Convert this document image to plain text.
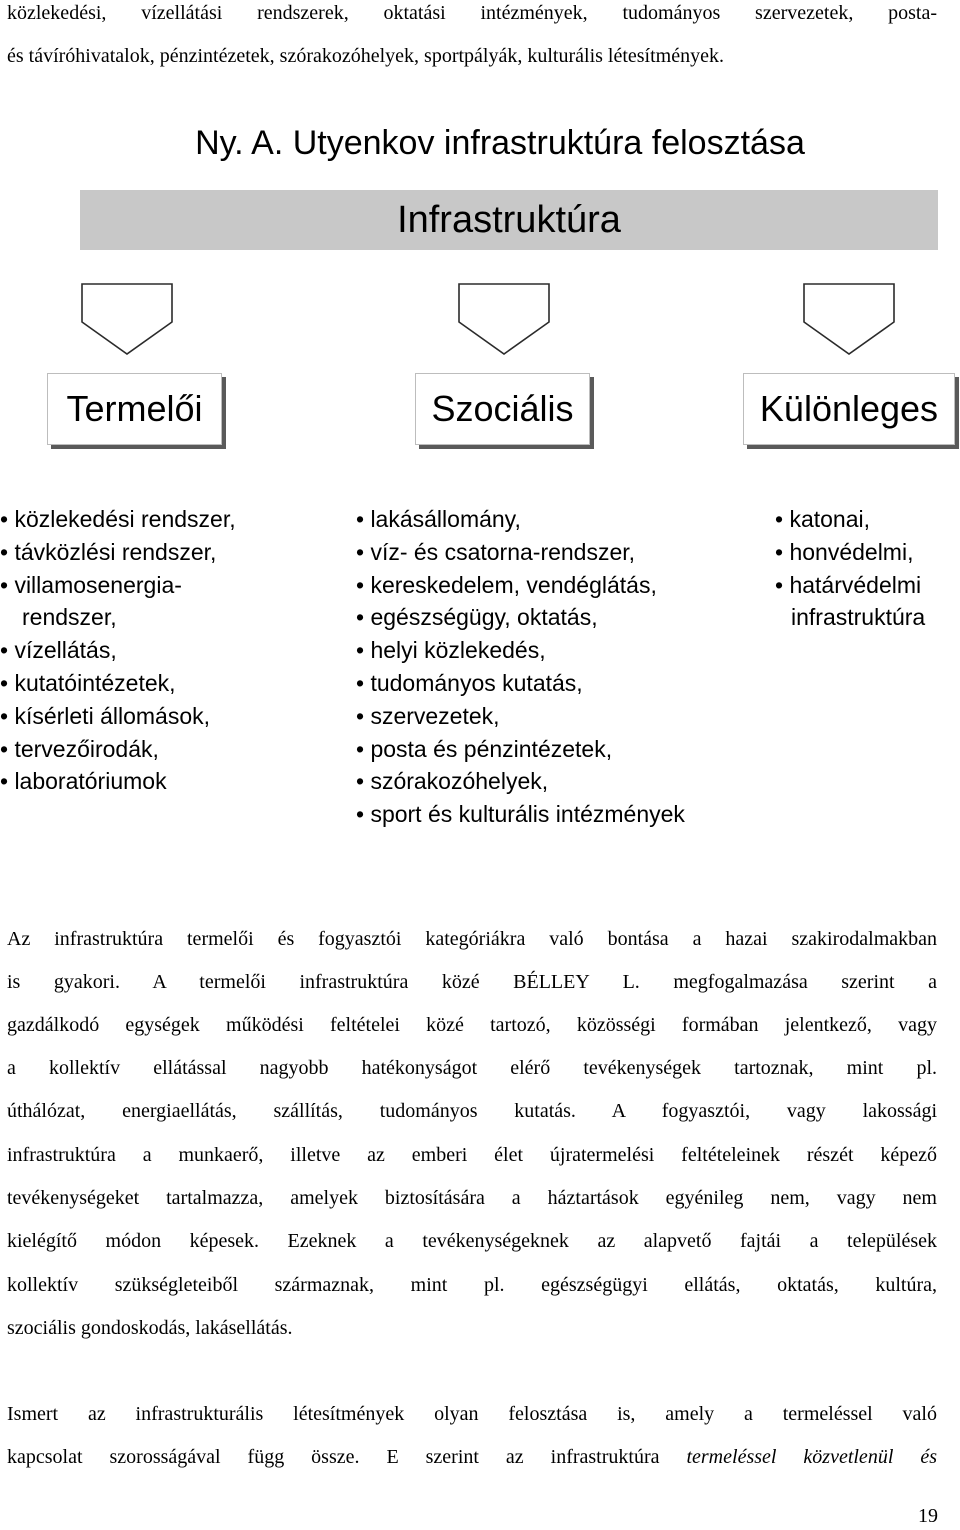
közlekedési, vízellátási rendszerek, oktatási intézmények, tudományos szervezetek, posta-
és távíróhivatalok, pénzintézetek, szórakozóhelyek, sportpályák, kulturális létesítmények.
Ny. A. Utyenkov infrastruktúra felosztása
Infrastruktúra
Termelői	Szociális	Különleges
• közlekedési rendszer,
• távközlési rendszer,
• villamosenergia-
rendszer,
• vízellátás,
• kutatóintézetek,
• kísérleti állomások,
• tervezőirodák,
• laboratóriumok
• lakásállomány,
• víz- és csatorna-rendszer,
• kereskedelem, vendéglátás,
• egészségügy, oktatás,
• helyi közlekedés,
• tudományos kutatás,
• szervezetek,
• posta és pénzintézetek,
• szórakozóhelyek,
• sport és kulturális intézmények
• katonai,
• honvédelmi,
• határvédelmi
infrastruktúra
Az infrastruktúra termelői és fogyasztói kategóriákra való bontása a hazai szakirodalmakban
is gyakori. A termelői infrastruktúra közé BÉLLEY L. megfogalmazása szerint a
gazdálkodó egységek működési feltételei közé tartozó, közösségi formában jelentkező, vagy
a kollektív ellátással nagyobb hatékonyságot elérő tevékenységek tartoznak, mint pl.
úthálózat, energiaellátás, szállítás, tudományos kutatás. A fogyasztói, vagy lakossági
infrastruktúra a munkaerő, illetve az emberi élet újratermelési feltételeinek részét képező
tevékenységeket tartalmazza, amelyek biztosítására a háztartások egyénileg nem, vagy nem
kielégítő módon képesek. Ezeknek a tevékenységeknek az alapvető fajtái a települések
kollektív szükségleteiből származnak, mint pl. egészségügyi ellátás, oktatás, kultúra,
szociális gondoskodás, lakásellátás.
Ismert az infrastrukturális létesítmények olyan felosztása is, amely a termeléssel való
kapcsolat szorosságával függ össze. E szerint az infrastruktúra termeléssel közvetlenül és
19
